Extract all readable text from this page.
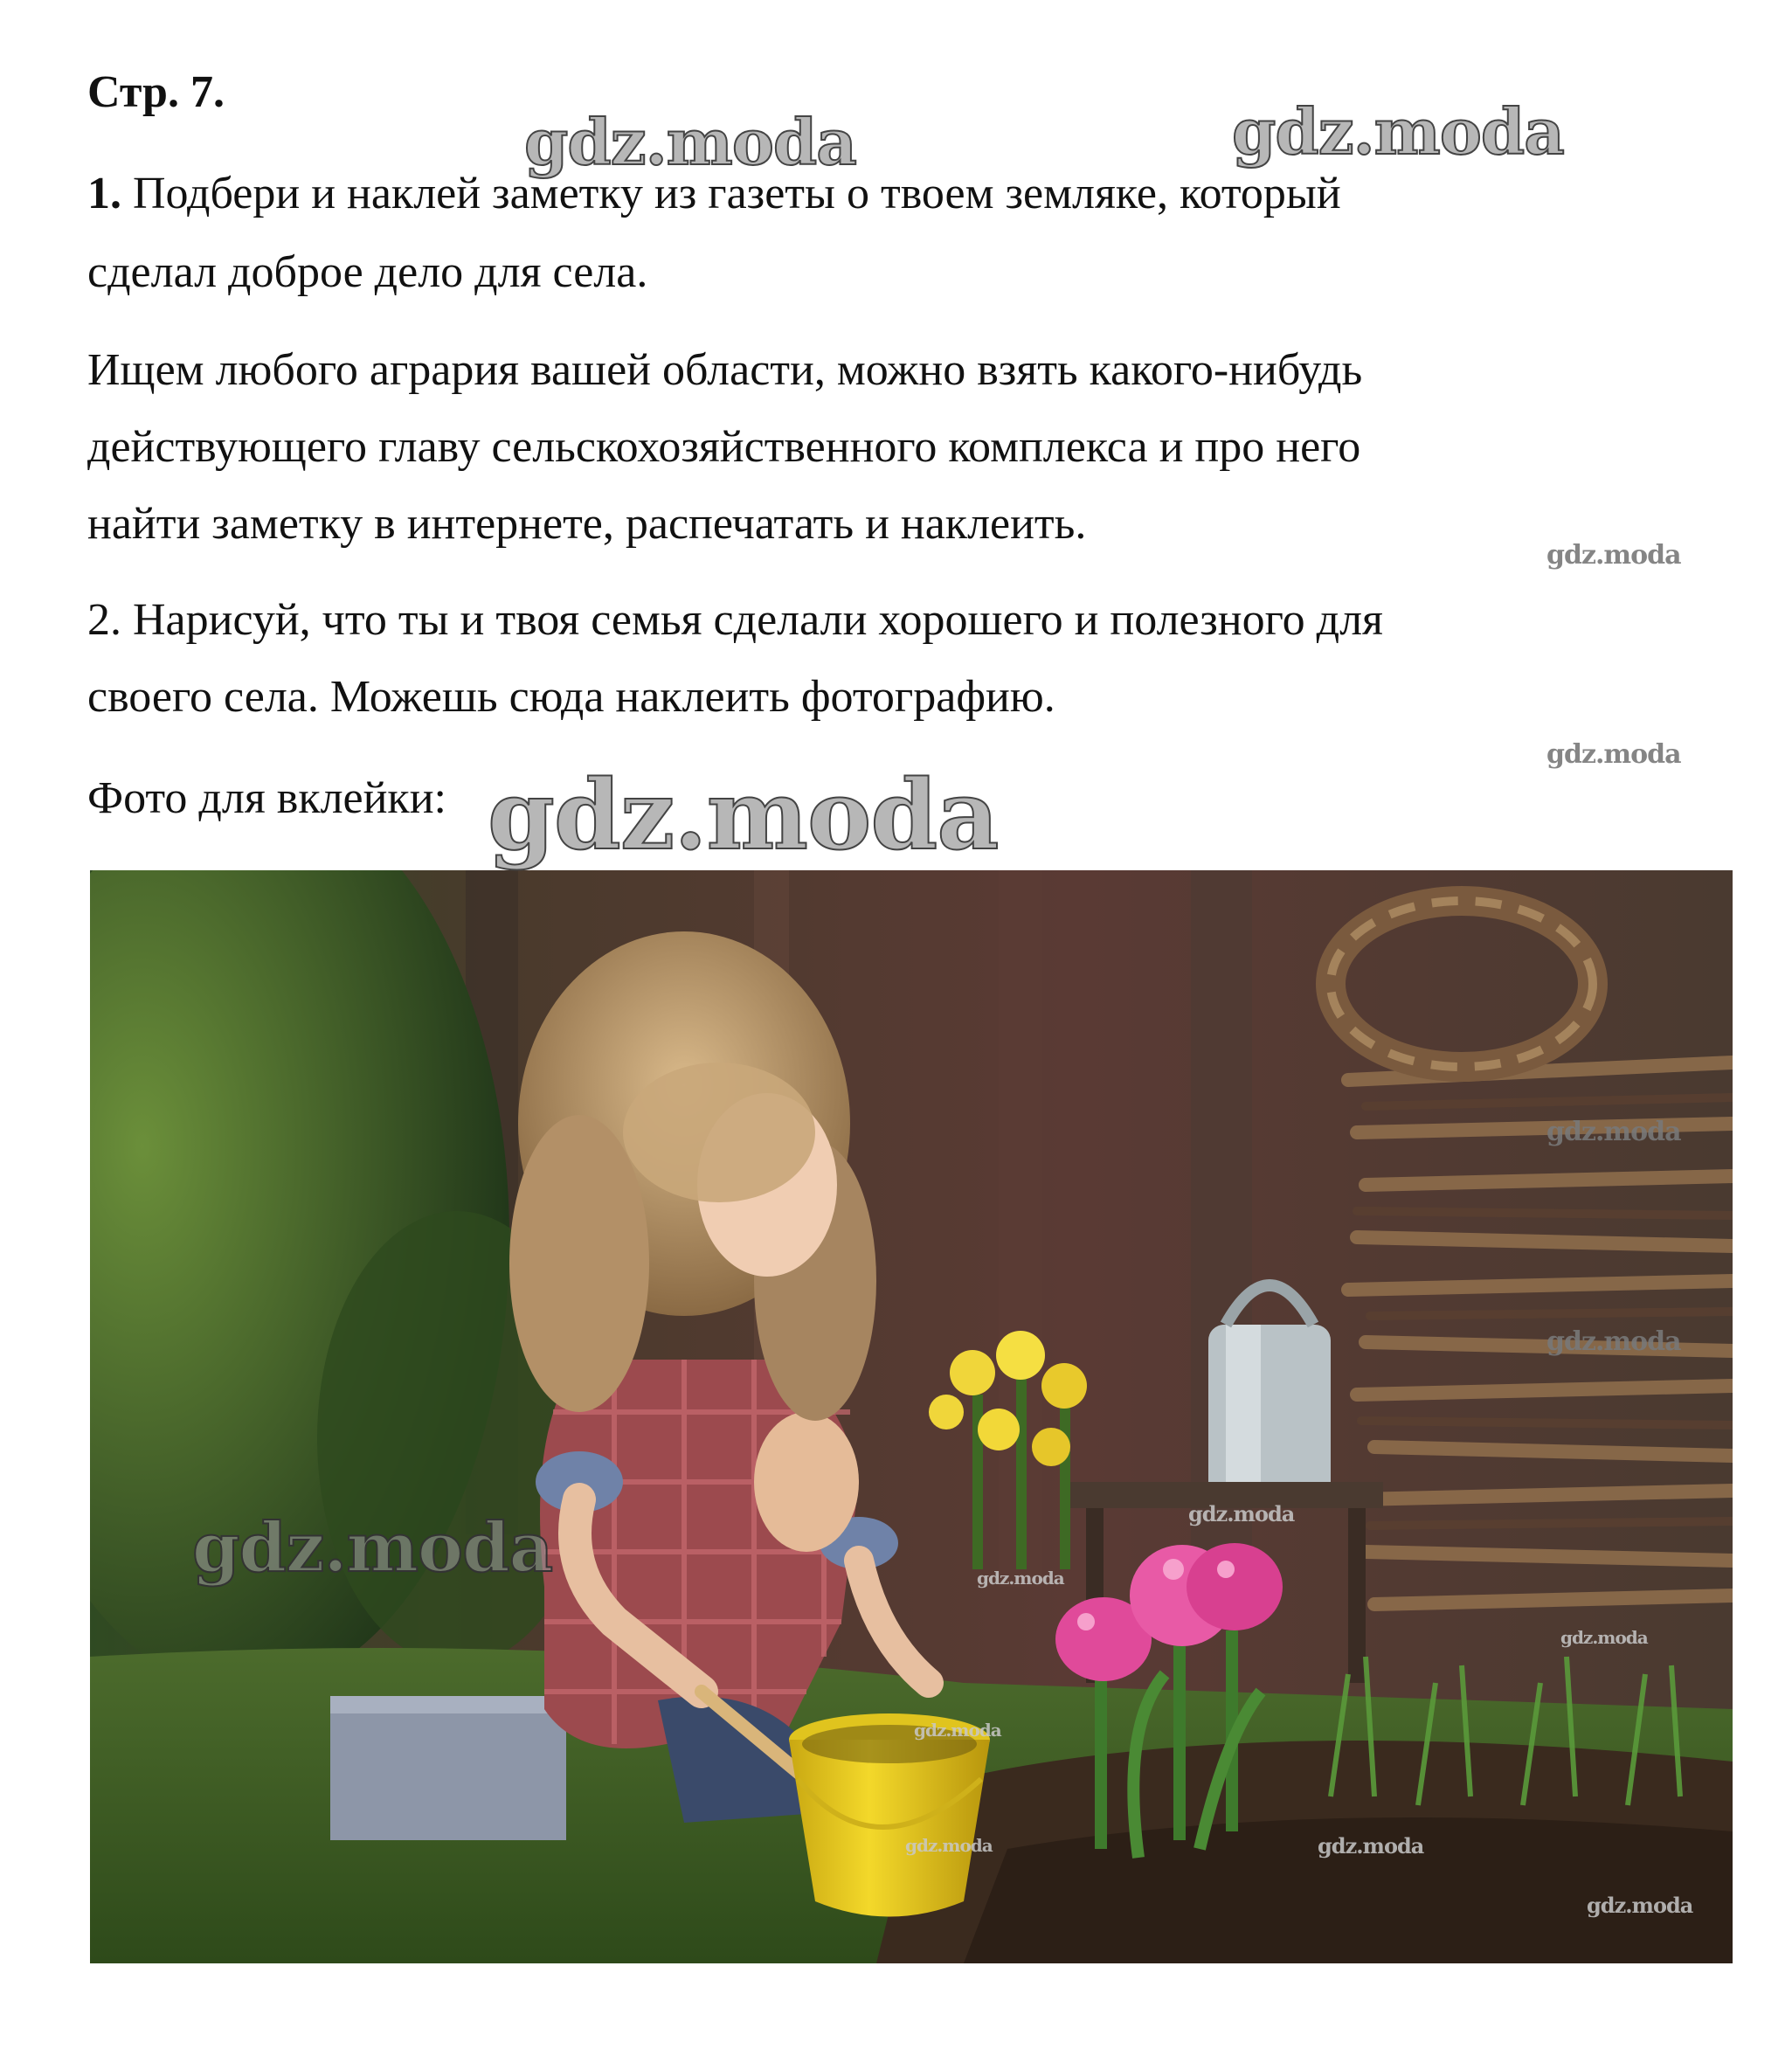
Стр. 7.
1. Подбери и наклей заметку из газеты о твоем земляке, который
сделал доброе дело для села.
Ищем любого агрария вашей области, можно взять какого-нибудь
действующего главу сельскохозяйственного комплекса и про него
найти заметку в интернете, распечатать и наклеить.
2. Нарисуй, что ты и твоя семья сделали хорошего и полезного для
своего села. Можешь сюда наклеить фотографию.
Фото для вклейки:
gdz.moda	gdz.moda
gdz.moda
gdz.moda
gdz.moda
gdz.moda
gdz.moda
gdz.moda	gdz.moda
gdz.moda
gdz.moda
gdz.moda
gdz.moda	gdz.moda
gdz.moda
